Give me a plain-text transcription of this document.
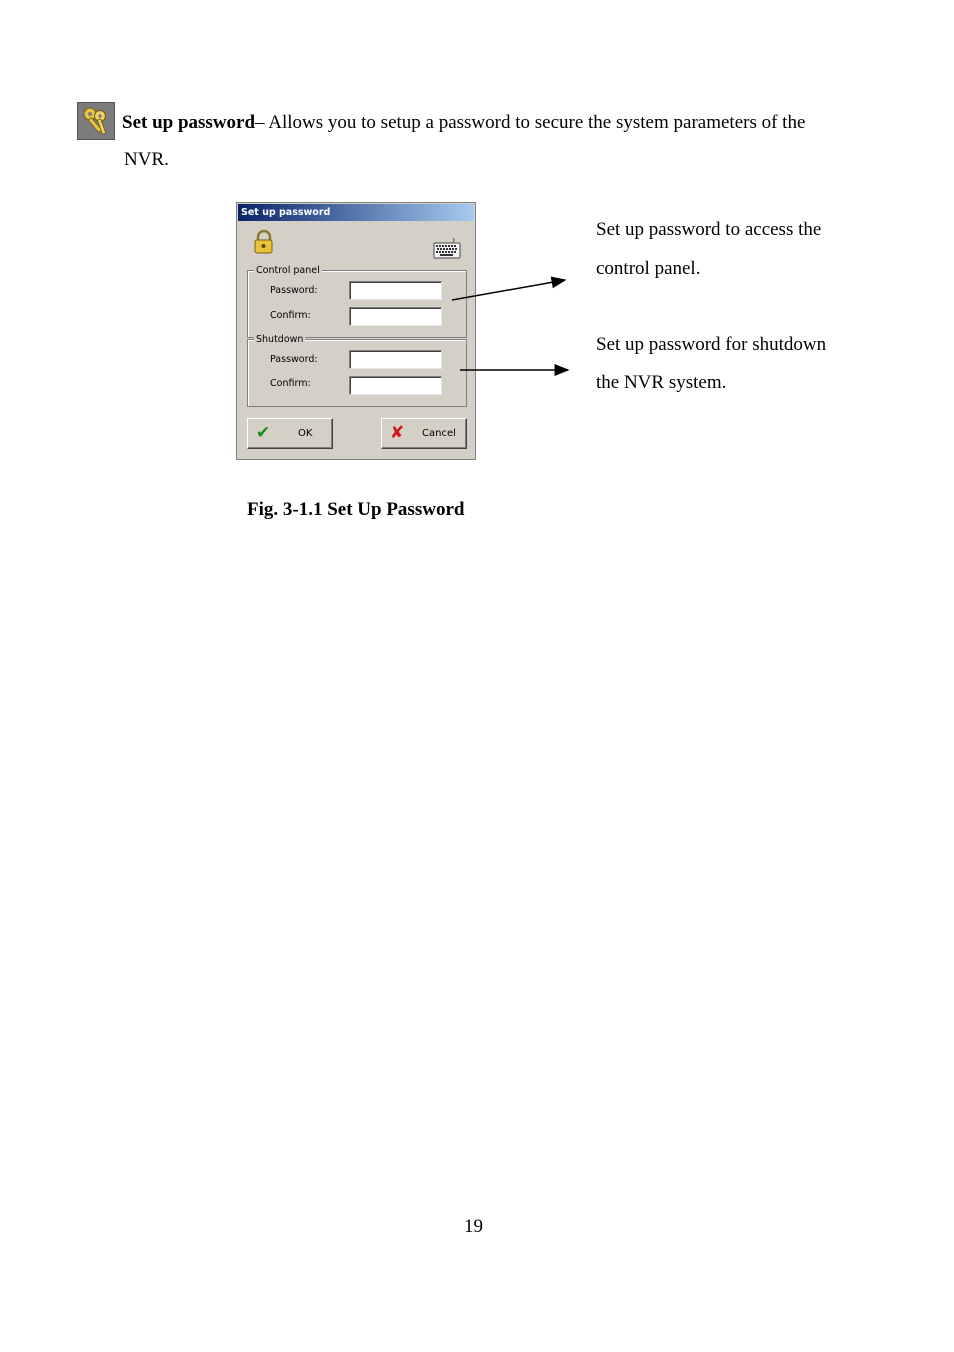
Set up password– Allows you to setup a password to secure the system parameters of the
NVR.
Set up password
Control panel
Password:
Confirm:
Shutdown
Password:
Confirm:
✔	OK	✘ Cancel
Set up password to access the
control panel.
Set up password for shutdown
the NVR system.
Fig. 3-1.1 Set Up Password
19
